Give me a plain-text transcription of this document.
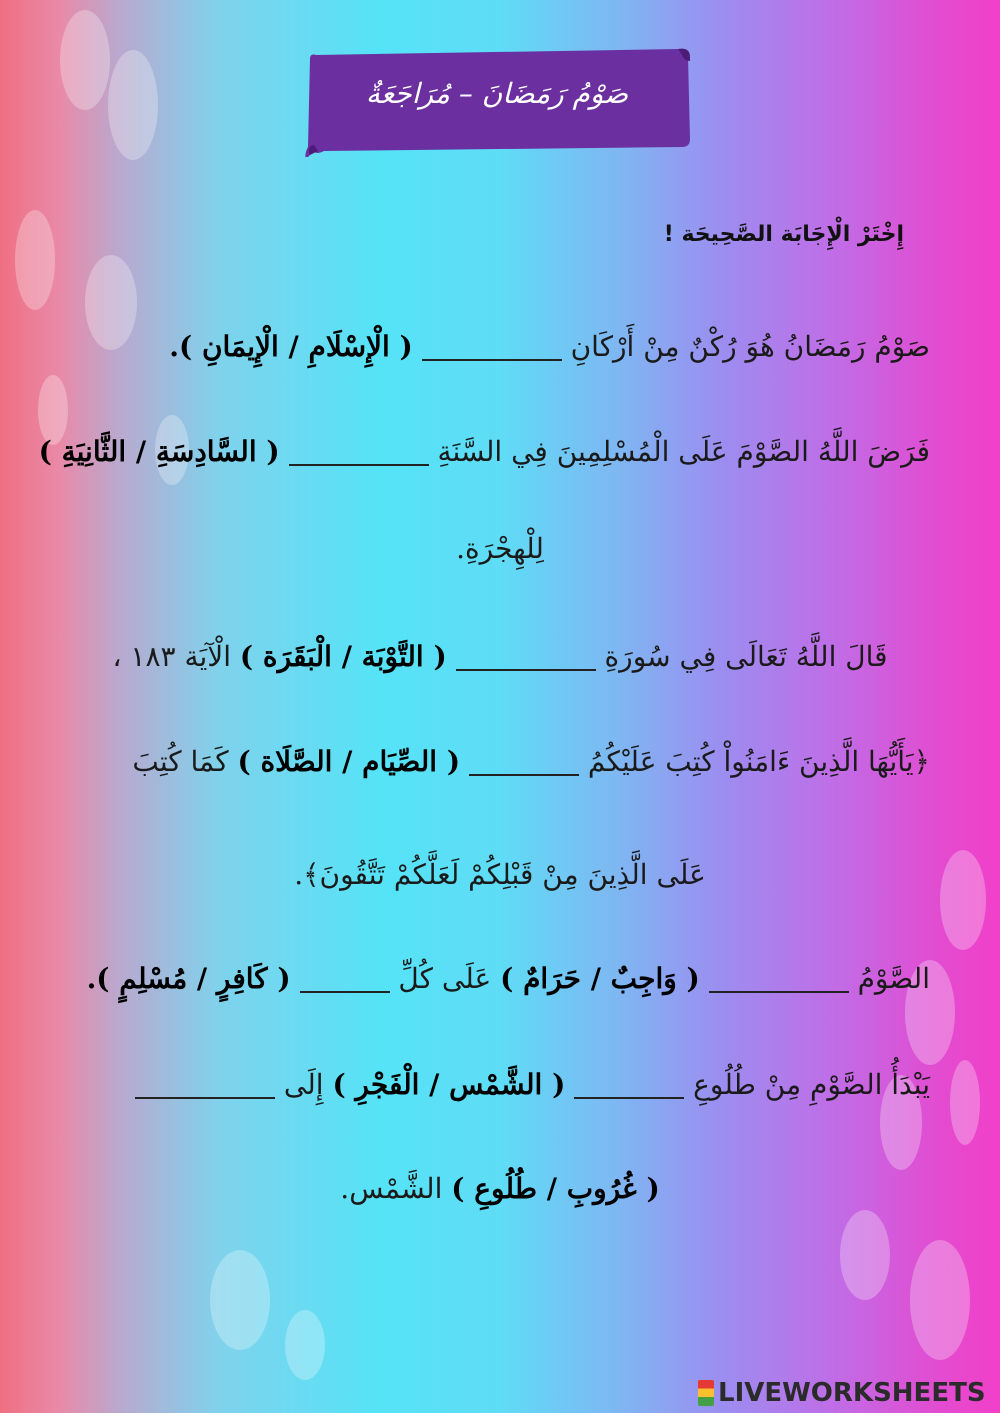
صَوْمُ رَمَضَانَ – مُرَاجَعَةٌ
إِخْتَرْ الْإِجَابَة الصَّحِيحَة !
صَوْمُ رَمَضَانُ هُوَ رُكْنٌ مِنْ أَرْكَانِ  ( الْإِسْلَامِ / الْإِيمَانِ ).
فَرَضَ اللَّهُ الصَّوْمَ عَلَى الْمُسْلِمِينَ فِي السَّنَةِ  ( السَّادِسَةِ / الثَّانِيَةِ )
لِلْهِجْرَةِ.
قَالَ اللَّهُ تَعَالَى فِي سُورَةِ  ( التَّوْبَة / الْبَقَرَة ) الْآيَة ١٨٣ ،
﴿يَأَيُّهَا الَّذِينَ ءَامَنُواْ كُتِبَ عَلَيْكُمُ  ( الصِّيَام / الصَّلَاة ) كَمَا كُتِبَ
عَلَى الَّذِينَ مِنْ قَبْلِكُمْ لَعَلَّكُمْ تَتَّقُونَ﴾.
الصَّوْمُ  ( وَاجِبٌ / حَرَامٌ ) عَلَى كُلِّ  ( كَافِرٍ / مُسْلِمٍ ).
يَبْدَأُ الصَّوْمِ مِنْ طُلُوعِ  ( الشَّمْس / الْفَجْرِ ) إِلَى
( غُرُوبِ / طُلُوعِ ) الشَّمْس.
LIVEWORKSHEETS
